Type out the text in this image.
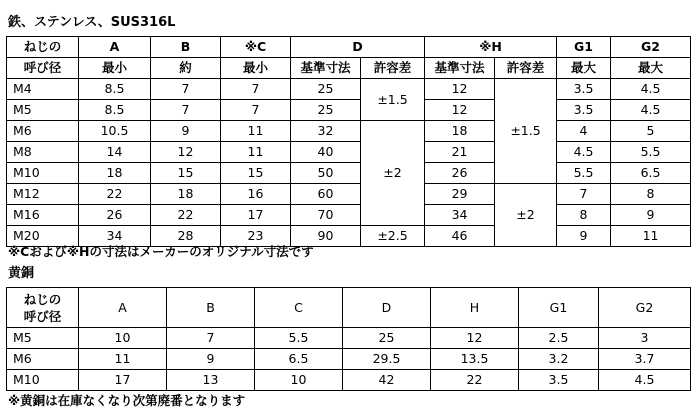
鉄、ステンレス、SUS316L
ねじの	A	B	※C	D		※H		G1	G2
呼び径	最小	約	最小	基準寸法	許容差	基準寸法	許容差	最大	最大
M4	8.5	7	7	25	±1.5	12	±1.5	3.5	4.5
M5	8.5	7	7	25		12		3.5	4.5
M6	10.5	9	11	32	±2	18		4	5
M8	14	12	11	40		21		4.5	5.5
M10	18	15	15	50		26		5.5	6.5
M12	22	18	16	60		29	±2	7	8
M16	26	22	17	70		34		8	9
M20	34	28	23	90	±2.5	46		9	11
※Cおよび※Hの寸法はメーカーのオリジナル寸法です
黄銅
ねじの
呼び径	A	B	C	D	H	G1	G2
M5	10	7	5.5	25	12	2.5	3
M6	11	9	6.5	29.5	13.5	3.2	3.7
M10	17	13	10	42	22	3.5	4.5
※黄銅は在庫なくなり次第廃番となります
